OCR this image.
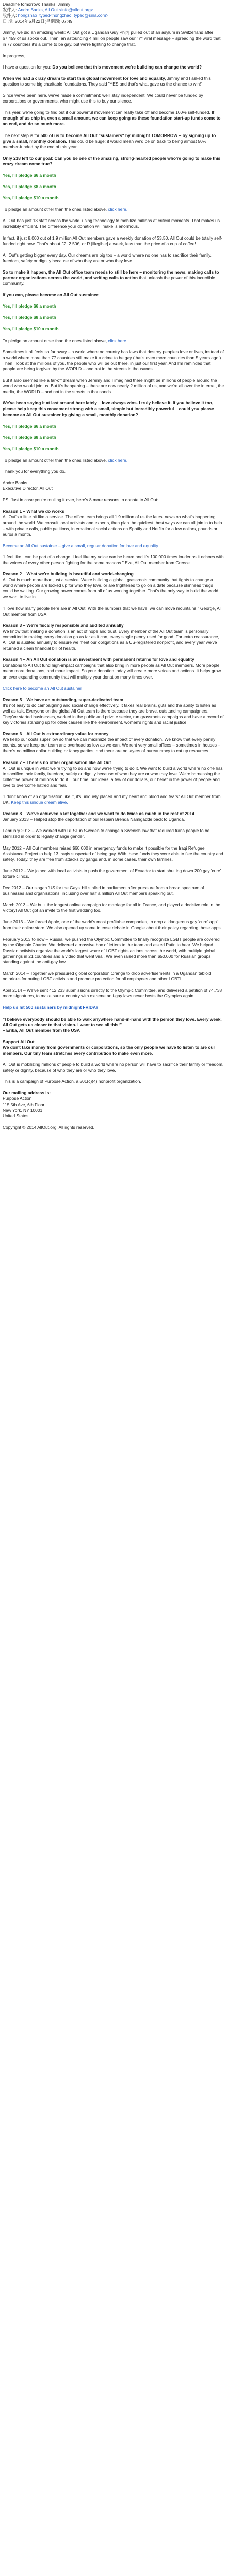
Deadline tomorrow: Thanks, Jimmy
发件人: Andre Banks, All Out <info@allout.org>
收件人: hongzhao_typed<hongzhao_typed@sina.com>
日 期: 2014年5月22日(星期四) 07:49

Jimmy, we did an amazing week: All Out got a Ugandan Guy Ph[?] pulled out of an asylum in Switzerland after 67,459 of us spoke out. Then, an astounding 4 million people saw our "Y" viral message – spreading the word that in 77 countries it's a crime to be gay, but we're fighting to change that.

In progress,

I have a question for you: Do you believe that this movement we're building can change the world?

When we had a crazy dream to start this global movement for love and equality, Jimmy and I asked this question to some big charitable foundations. They said "YES and that's what gave us the chance to win!"

Since we've been here, we've made a commitment: we'll stay independent. We could never be funded by corporations or governments, who might use this to buy our silence.

This year, we're going to find out if our powerful movement can really take off and become 100% self-funded. If enough of us chip in, even a small amount, we can keep going as these foundation start-up funds come to an end, and do so much more.

The next step is for 500 of us to become All Out "sustainers" by midnight TOMORROW – by signing up to give a small, monthly donation. This could be huge: it would mean we'd be on track to being almost 50% member-funded by the end of this year.

Only 218 left to our goal: Can you be one of the amazing, strong-hearted people who're going to make this crazy dream come true?

Yes, I'll pledge $6 a month
Yes, I'll pledge $8 a month
Yes, I'll pledge $10 a month

To pledge an amount other than the ones listed above, click here.

All Out has just 13 staff across the world, using technology to mobilize millions at critical moments. That makes us incredibly efficient. The difference your donation will make is enormous.

In fact, if just 8,000 out of 1.9 million All Out members gave a weekly donation of $3.50, All Out could be totally self-funded right now. That's about £2, 2.50€, or R [illegible] a week, less than the price of a cup of coffee!

All Out's getting bigger every day. Our dreams are big too – a world where no one has to sacrifice their family, freedom, safety or dignity because of who they are or who they love.

So to make it happen, the All Out office team needs to still be here – monitoring the news, making calls to partner organizations across the world, and writing calls to action that unleash the power of this incredible community.

If you can, please become an All Out sustainer:

Yes, I'll pledge $6 a month
Yes, I'll pledge $8 a month
Yes, I'll pledge $10 a month

To pledge an amount other than the ones listed above, click here.

Sometimes it all feels so far away – a world where no country has laws that destroy people's love or lives, instead of a world where more than 77 countries still make it a crime to be gay (that's even more countries than 5 years ago!). Then I look at the millions of you, the people who will be out there, in just our first year. And I'm reminded that people are being forgiven by the WORLD – and not in the streets in thousands.

But it also seemed like a far-off dream when Jeremy and I imagined there might be millions of people around the world who would join us. But it's happening – there are now nearly 2 million of us, and we're all over the internet, the media, the WORLD – and not in the streets in thousands.

We've been saying it at last around here lately – love always wins. I truly believe it. If you believe it too, please help keep this movement strong with a small, simple but incredibly powerful – could you please become an All Out sustainer by giving a small, monthly donation?

Yes, I'll pledge $6 a month
Yes, I'll pledge $8 a month
Yes, I'll pledge $10 a month

To pledge an amount other than the ones listed above, click here.

Thank you for everything you do,

Andre Banks

Executive Director, All Out

PS. Just in case you're mulling it over, here's 8 more reasons to donate to All Out:

Reason 1 – What we do works

All Out's a little bit like a service. The office team brings all 1.9 million of us the latest news on what's happening around the world. We consult local activists and experts, then plan the quickest, best ways we can all join in to help – with private calls, public petitions, international social actions on Spotify and Netflix for a few dollars, pounds or euros a month.

Become an All Out sustainer – give a small, regular donation for love and equality.

"I feel like I can be part of a change. I feel like my voice can be heard and it's 100,000 times louder as it echoes with the voices of every other person fighting for the same reasons." Eve, All Out member from Greece

Reason 2 – What we're building is beautiful and world-changing

All Out is much more than just a service. We're building a global, grassroots community that fights to change a world where people are locked up for who they love, or are frightened to go on a date because skinhead thugs could be waiting. Our growing power comes from all of us working together. That's the only way to build the world we want to live in.

"I love how many people here are in All Out. With the numbers that we have, we can move mountains." George, All Out member from USA

Reason 3 – We're fiscally responsible and audited annually

We know that making a donation is an act of hope and trust. Every member of the All Out team is personally committed to making every donation go as far as it can, every single penny used for good. For extra reassurance, All Out is audited annually to ensure we meet our obligations as a US-registered nonprofit, and every year we've returned a clean financial bill of health.

Reason 4 – An All Out donation is an investment with permanent returns for love and equality

Donations to All Out fund high-impact campaigns that also bring in more people as All Out members. More people mean more donations, and more impact. So your donation today will create more voices and actions. It helps grow an ever expanding community that will multiply your donation many times over.

Click here to become an All Out sustainer

Reason 5 – We have an outstanding, super-dedicated team

It's not easy to do campaigning and social change effectively. It takes real brains, guts and the ability to listen as well as talk. Everyone on the global All Out team is there because they are brave, outstanding campaigners. They've started businesses, worked in the public and private sector, run grassroots campaigns and have a record of key victories standing up for other causes like the environment, women's rights and racial justice.

Reason 6 – All Out is extraordinary value for money

We keep our costs super low so that we can maximize the impact of every donation. We know that every penny counts, so we keep our team and overhead as low as we can. We rent very small offices – sometimes in houses – there's no million dollar building or fancy parties, and there are no layers of bureaucracy to eat up resources.

Reason 7 – There's no other organisation like All Out

All Out is unique in what we're trying to do and how we're trying to do it. We want to build a world where no one has to sacrifice their family, freedom, safety or dignity because of who they are or who they love. We're harnessing the collective power of millions to do it... our time, our ideas, a few of our dollars, our belief in the power of people and love to overcome hatred and fear.

"I don't know of an organisation like it, it's uniquely placed and my heart and blood and tears" All Out member from UK. Keep this unique dream alive.

Reason 8 – We've achieved a lot together and we want to do twice as much in the rest of 2014

January 2013 – Helped stop the deportation of our lesbian Brenda Namigadde back to Uganda.

February 2013 – We worked with RFSL in Sweden to change a Swedish law that required trans people to be sterilized in order to legally change gender.

May 2012 – All Out members raised $60,000 in emergency funds to make it possible for the Iraqi Refugee Assistance Project to help 13 Iraqis suspected of being gay. With these funds they were able to flee the country and safety. Today, they are free from attacks by gangs and, in some cases, their own families.

June 2012 – We joined with local activists to push the government of Ecuador to start shutting down 200 gay 'cure' torture clinics.

Dec 2012 – Our slogan 'US for the Gays' bill stalled in parliament after pressure from a broad spectrum of businesses and organisations, including over half a million All Out members speaking out.

March 2013 – We built the longest online campaign for marriage for all in France, and played a decisive role in the Victory! All Out got an invite to the first wedding too.

June 2013 – We forced Apple, one of the world's most profitable companies, to drop a 'dangerous gay 'cure' app' from their online store. We also opened up some intense debate in Google about their policy regarding those apps.

February 2013 to now – Russia: we pushed the Olympic Committee to finally recognize LGBT people are covered by the Olympic Charter. We delivered a massive box of letters to the team and asked Putin to hear. We helped Russian activists organize the world's largest wave of LGBT rights actions across the world, with multiple global gatherings in 21 countries and a video that went viral. We even raised more than $50,000 for Russian groups standing against the anti-gay law.

March 2014 – Together we pressured global corporation Orange to drop advertisements in a Ugandan tabloid notorious for outing LGBT activists and promote protection for all employees and other LGBTI.

April 2014 – We've sent 412,233 submissions directly to the Olympic Committee, and delivered a petition of 74,738 more signatures, to make sure a country with extreme anti-gay laws never hosts the Olympics again.

Help us hit 500 sustainers by midnight FRIDAY

"I believe everybody should be able to walk anywhere hand-in-hand with the person they love. Every week, All Out gets us closer to that vision. I want to see all this!"

– Erika, All Out member from the USA

Support All Out

We don't take money from governments or corporations, so the only people we have to listen to are our members. Our tiny team stretches every contribution to make even more.

All Out is mobilizing millions of people to build a world where no person will have to sacrifice their family or freedom, safety or dignity, because of who they are or who they love.

This is a campaign of Purpose Action, a 501(c)(4) nonprofit organization.

Our mailing address is:

Purpose Action

115 5th Ave, 6th Floor

New York, NY 10001

United States

Copyright © 2014 AllOut.org, All rights reserved.
